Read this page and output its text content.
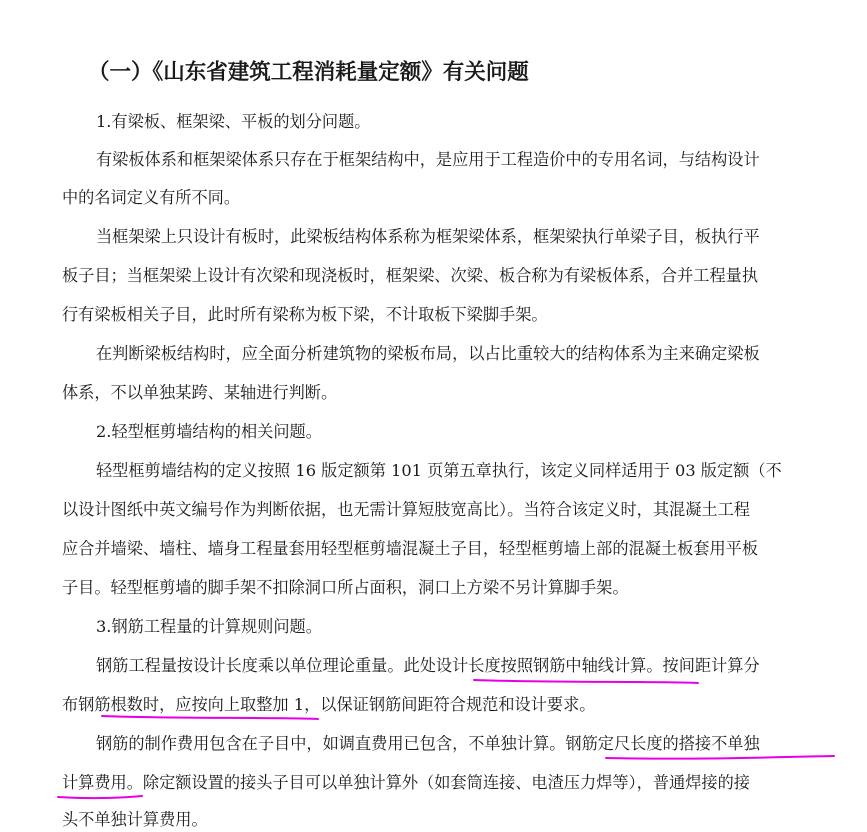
（一）《山东省建筑工程消耗量定额》有关问题

1.有梁板、框架梁、平板的划分问题。

有梁板体系和框架梁体系只存在于框架结构中，是应用于工程造价中的专用名词，与结构设计

中的名词定义有所不同。

当框架梁上只设计有板时，此梁板结构体系称为框架梁体系，框架梁执行单梁子目，板执行平

板子目；当框架梁上设计有次梁和现浇板时，框架梁、次梁、板合称为有梁板体系，合并工程量执

行有梁板相关子目，此时所有梁称为板下梁，不计取板下梁脚手架。

在判断梁板结构时，应全面分析建筑物的梁板布局，以占比重较大的结构体系为主来确定梁板

体系，不以单独某跨、某轴进行判断。

2.轻型框剪墙结构的相关问题。

轻型框剪墙结构的定义按照 16 版定额第 101 页第五章执行，该定义同样适用于 03 版定额（不

以设计图纸中英文编号作为判断依据，也无需计算短肢宽高比）。当符合该定义时，其混凝土工程

应合并墙梁、墙柱、墙身工程量套用轻型框剪墙混凝土子目，轻型框剪墙上部的混凝土板套用平板

子目。轻型框剪墙的脚手架不扣除洞口所占面积，洞口上方梁不另计算脚手架。

3.钢筋工程量的计算规则问题。

钢筋工程量按设计长度乘以单位理论重量。此处设计长度按照钢筋中轴线计算。按间距计算分

布钢筋根数时，应按向上取整加 1，以保证钢筋间距符合规范和设计要求。

钢筋的制作费用包含在子目中，如调直费用已包含，不单独计算。钢筋定尺长度的搭接不单独

计算费用。除定额设置的接头子目可以单独计算外（如套筒连接、电渣压力焊等），普通焊接的接

头不单独计算费用。
